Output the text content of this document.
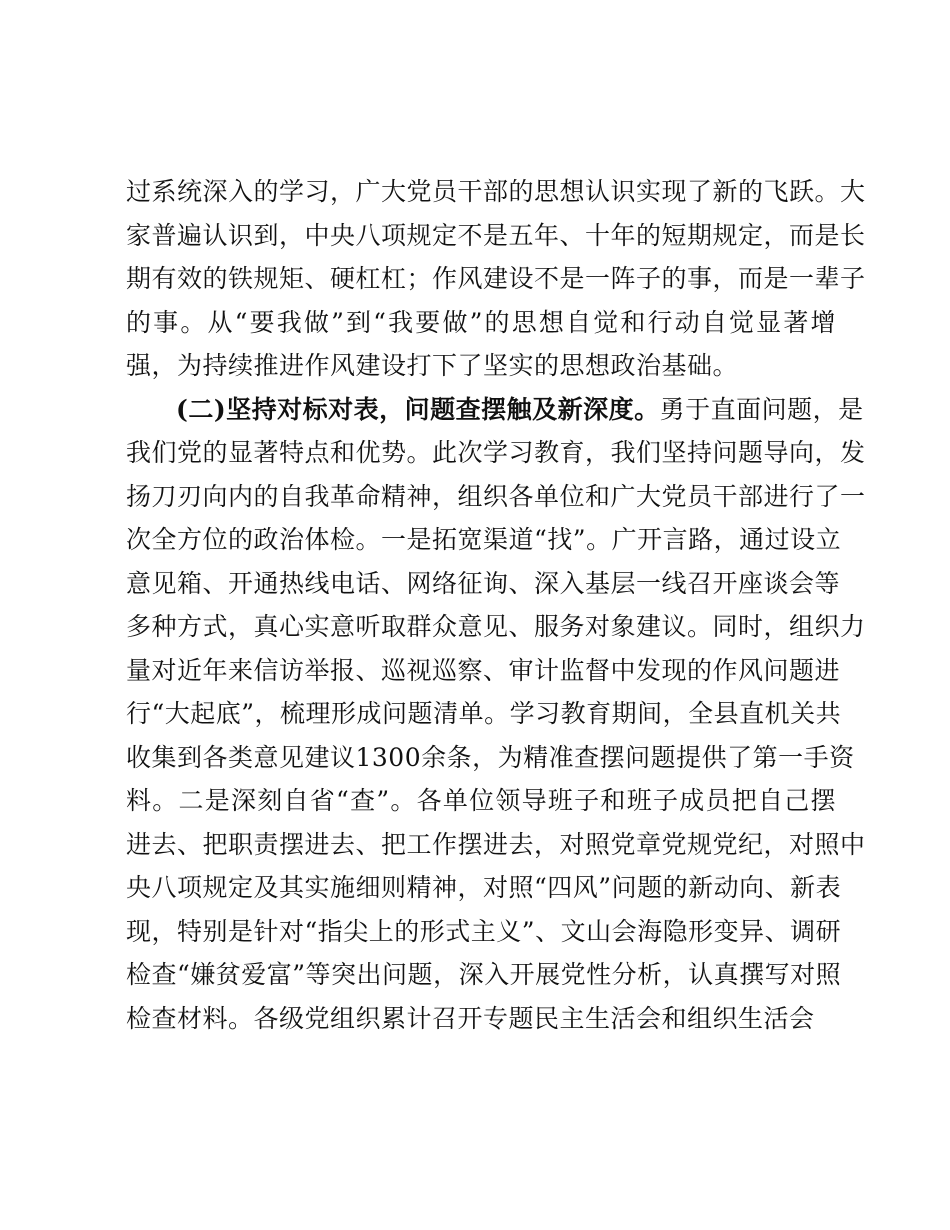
过系统深入的学习，广大党员干部的思想认识实现了新的飞跃。大
家普遍认识到，中央八项规定不是五年、十年的短期规定，而是长
期有效的铁规矩、硬杠杠；作风建设不是一阵子的事，而是一辈子
的事。从“要我做”到“我要做”的思想自觉和行动自觉显著增
强，为持续推进作风建设打下了坚实的思想政治基础。
(二)坚持对标对表，问题查摆触及新深度。勇于直面问题，是
我们党的显著特点和优势。此次学习教育，我们坚持问题导向，发
扬刀刃向内的自我革命精神，组织各单位和广大党员干部进行了一
次全方位的政治体检。一是拓宽渠道“找”。广开言路，通过设立
意见箱、开通热线电话、网络征询、深入基层一线召开座谈会等
多种方式，真心实意听取群众意见、服务对象建议。同时，组织力
量对近年来信访举报、巡视巡察、审计监督中发现的作风问题进
行“大起底”，梳理形成问题清单。学习教育期间，全县直机关共
收集到各类意见建议1300余条，为精准查摆问题提供了第一手资
料。二是深刻自省“查”。各单位领导班子和班子成员把自己摆
进去、把职责摆进去、把工作摆进去，对照党章党规党纪，对照中
央八项规定及其实施细则精神，对照“四风”问题的新动向、新表
现，特别是针对“指尖上的形式主义”、文山会海隐形变异、调研
检查“嫌贫爱富”等突出问题，深入开展党性分析，认真撰写对照
检查材料。各级党组织累计召开专题民主生活会和组织生活会
